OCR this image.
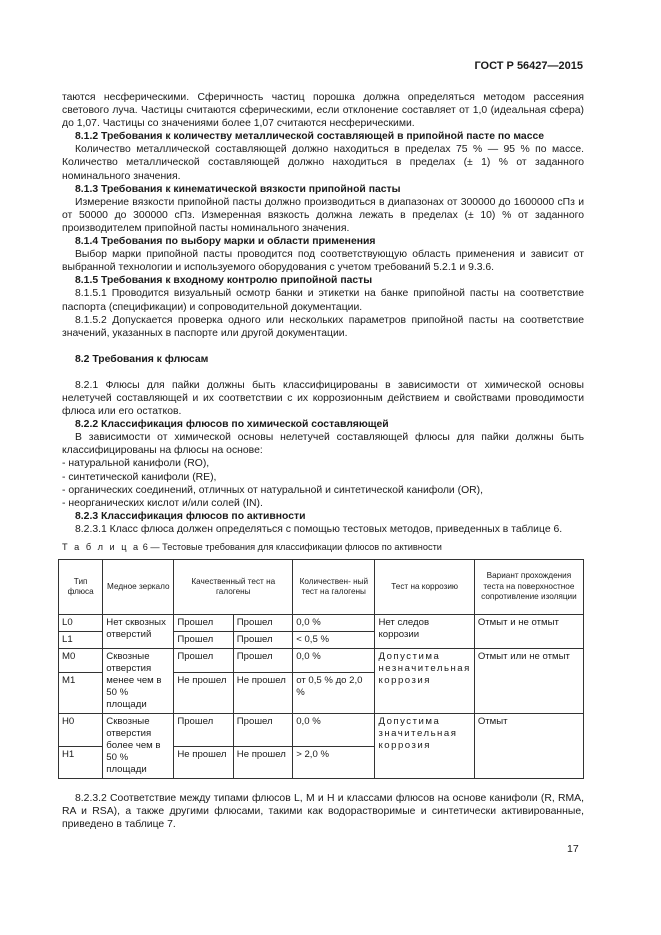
ГОСТ Р 56427—2015
таются несферическими. Сферичность частиц порошка должна определяться методом рассеяния светового луча. Частицы считаются сферическими, если отклонение составляет от 1,0 (идеальная сфера) до 1,07. Частицы со значениями более 1,07 считаются несферическими.
8.1.2 Требования к количеству металлической составляющей в припойной пасте по массе
Количество металлической составляющей должно находиться в пределах 75 % — 95 % по массе. Количество металлической составляющей должно находиться в пределах (± 1) % от заданного номинального значения.
8.1.3 Требования к кинематической вязкости припойной пасты
Измерение вязкости припойной пасты должно производиться в диапазонах от 300000 до 1600000 сПз и от 50000 до 300000 сПз. Измеренная вязкость должна лежать в пределах (± 10) % от заданного производителем припойной пасты номинального значения.
8.1.4 Требования по выбору марки и области применения
Выбор марки припойной пасты проводится под соответствующую область применения и зависит от выбранной технологии и используемого оборудования с учетом требований 5.2.1 и 9.3.6.
8.1.5 Требования к входному контролю припойной пасты
8.1.5.1 Проводится визуальный осмотр банки и этикетки на банке припойной пасты на соответствие паспорта (спецификации) и сопроводительной документации.
8.1.5.2 Допускается проверка одного или нескольких параметров припойной пасты на соответствие значений, указанных в паспорте или другой документации.
8.2 Требования к флюсам
8.2.1 Флюсы для пайки должны быть классифицированы в зависимости от химической основы нелетучей составляющей и их соответствии с их коррозионным действием и свойствами проводимости флюса или его остатков.
8.2.2 Классификация флюсов по химической составляющей
В зависимости от химической основы нелетучей составляющей флюсы для пайки должны быть классифицированы на флюсы на основе:
- натуральной канифоли (RO),
- синтетической канифоли (RE),
- органических соединений, отличных от натуральной и синтетической канифоли (OR),
- неорганических кислот и/или солей (IN).
8.2.3 Классификация флюсов по активности
8.2.3.1 Класс флюса должен определяться с помощью тестовых методов, приведенных в таблице 6.
Т а б л и ц а 6 — Тестовые требования для классификации флюсов по активности
Тип флюса	Медное зеркало	Качественный тест на галогены		Количествен- ный тест на галогены	Тест на коррозию	Вариант прохождения теста на поверхностное сопротивление изоляции
L0	Нет сквозных отверстий	Прошел	Прошел	0,0 %	Нет следов коррозии	Отмыт и не отмыт
L1		Прошел	Прошел	< 0,5 %		
M0	Сквозные отверстия менее чем в 50 % площади	Прошел	Прошел	0,0 %	Допустима незначительная коррозия	Отмыт или не отмыт
M1		Не прошел	Не прошел	от 0,5 % до 2,0 %		
H0	Сквозные отверстия более чем в 50 % площади	Прошел	Прошел	0,0 %	Допустима значительная коррозия	Отмыт
H1		Не прошел	Не прошел	> 2,0 %		
8.2.3.2 Соответствие между типами флюсов L, M и H и классами флюсов на основе канифоли (R, RMA, RA и RSA), а также другими флюсами, такими как водорастворимые и синтетически активированные, приведено в таблице 7.
17
